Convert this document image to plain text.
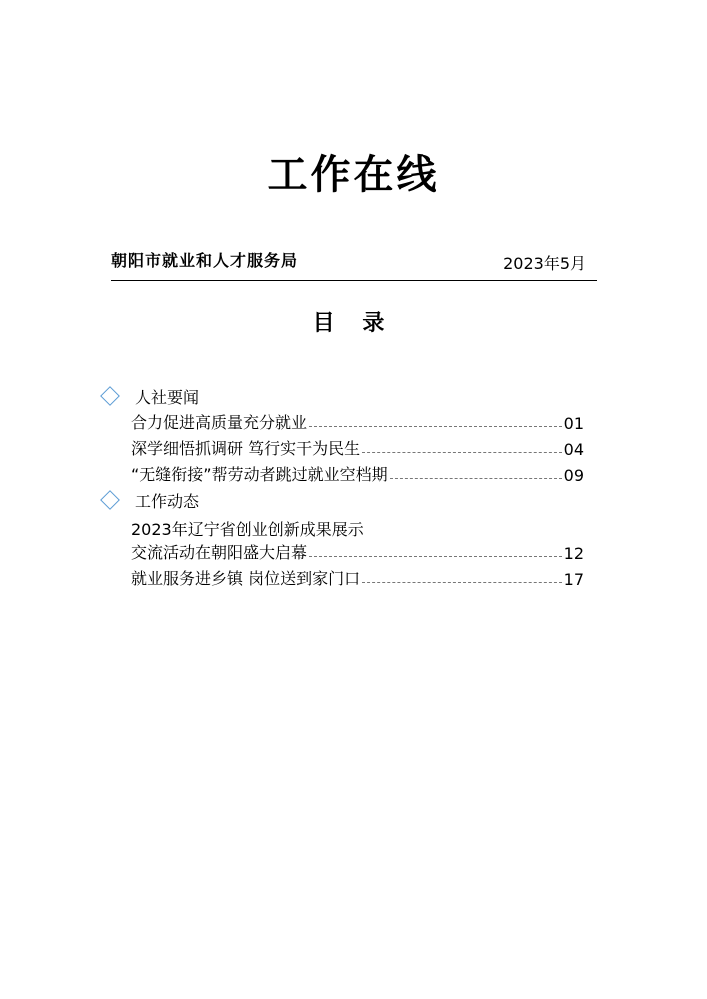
工作在线
朝阳市就业和人才服务局	2023年5月
目 录
人社要闻
合力促进高质量充分就业	01
深学细悟抓调研 笃行实干为民生	04
“无缝衔接”帮劳动者跳过就业空档期	09
工作动态
2023年辽宁省创业创新成果展示
交流活动在朝阳盛大启幕	12
就业服务进乡镇 岗位送到家门口	17
